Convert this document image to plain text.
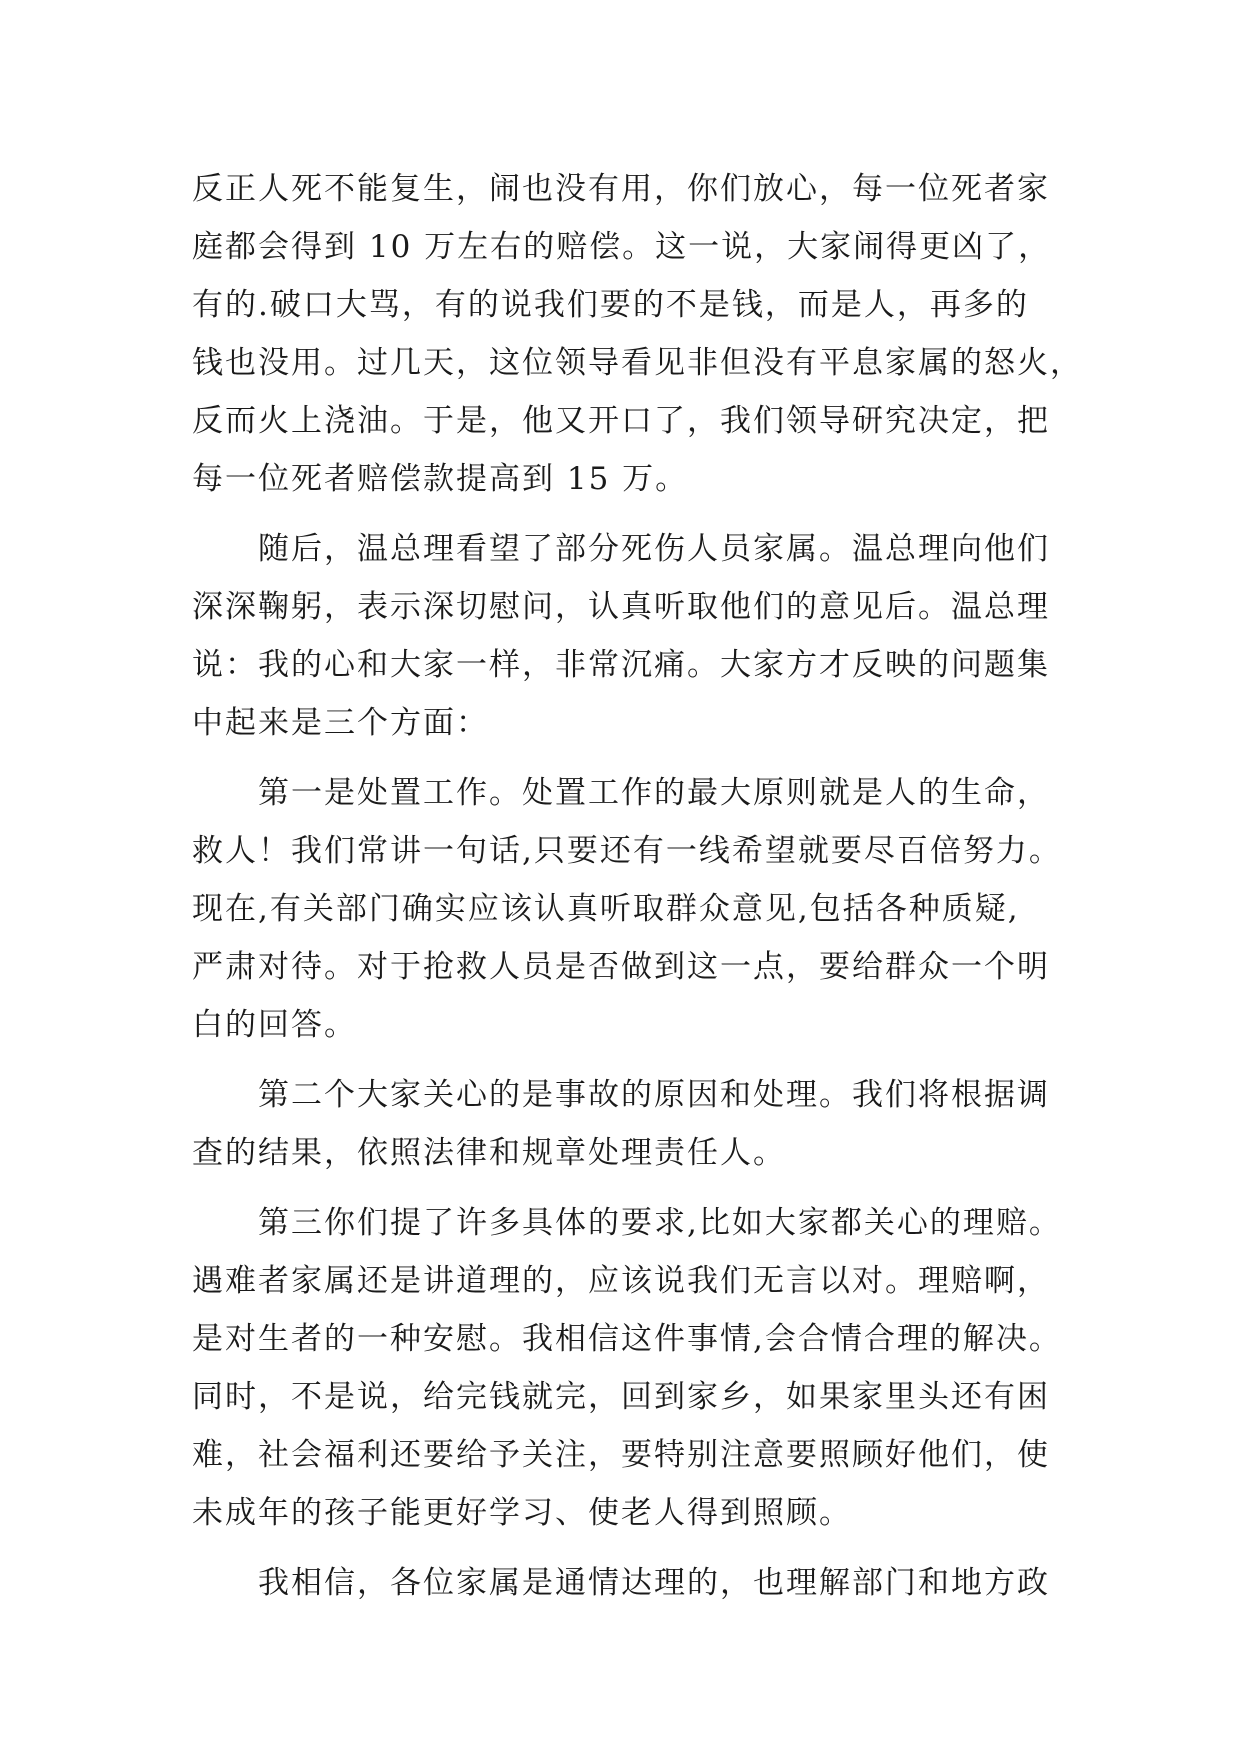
反正人死不能复生，闹也没有用，你们放心，每一位死者家
庭都会得到 10 万左右的赔偿。这一说，大家闹得更凶了，
有的.破口大骂，有的说我们要的不是钱，而是人，再多的
钱也没用。过几天，这位领导看见非但没有平息家属的怒火，
反而火上浇油。于是，他又开口了，我们领导研究决定，把
每一位死者赔偿款提高到 15 万。
随后，温总理看望了部分死伤人员家属。温总理向他们
深深鞠躬，表示深切慰问，认真听取他们的意见后。温总理
说：我的心和大家一样，非常沉痛。大家方才反映的问题集
中起来是三个方面：
第一是处置工作。处置工作的最大原则就是人的生命，
救人！我们常讲一句话,只要还有一线希望就要尽百倍努力。
现在,有关部门确实应该认真听取群众意见,包括各种质疑,
严肃对待。对于抢救人员是否做到这一点，要给群众一个明
白的回答。
第二个大家关心的是事故的原因和处理。我们将根据调
查的结果，依照法律和规章处理责任人。
第三你们提了许多具体的要求,比如大家都关心的理赔。
遇难者家属还是讲道理的，应该说我们无言以对。理赔啊，
是对生者的一种安慰。我相信这件事情,会合情合理的解决。
同时，不是说，给完钱就完，回到家乡，如果家里头还有困
难，社会福利还要给予关注，要特别注意要照顾好他们，使
未成年的孩子能更好学习、使老人得到照顾。
我相信，各位家属是通情达理的，也理解部门和地方政
